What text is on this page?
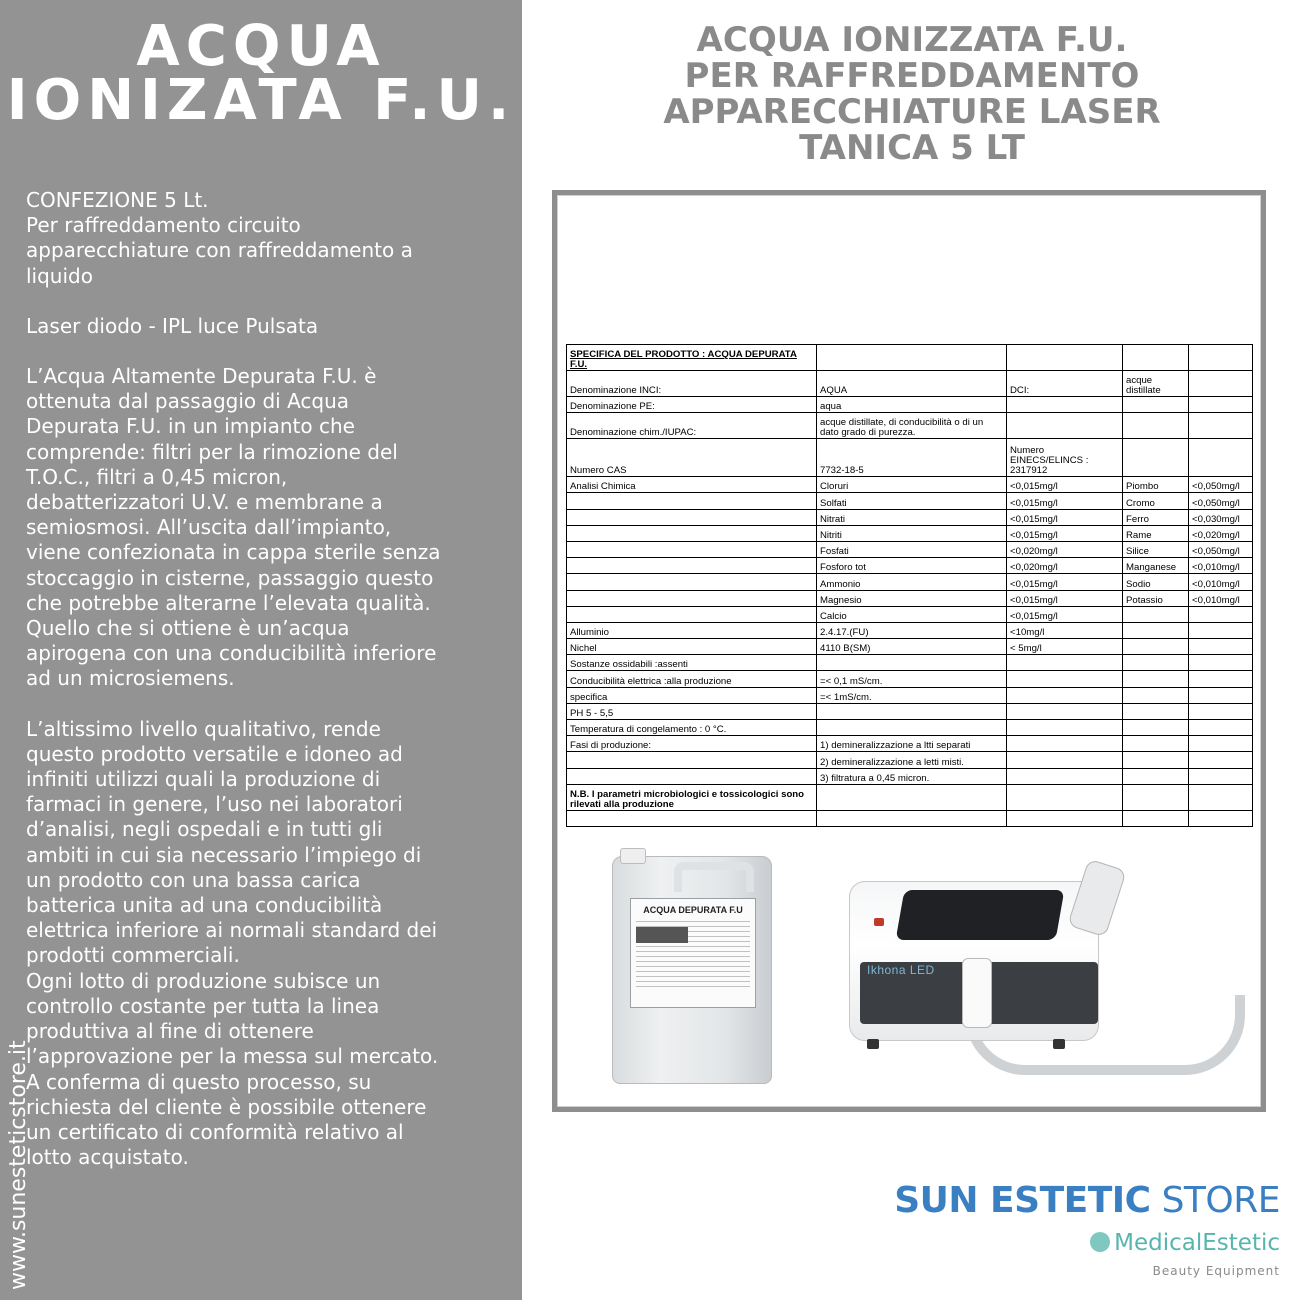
ACQUA
IONIZATA F.U.

CONFEZIONE 5 Lt.

Per raffreddamento circuito

apparecchiature con raffreddamento a

liquido

Laser diodo - IPL luce Pulsata

L’Acqua Altamente Depurata F.U. è

ottenuta dal passaggio di Acqua

Depurata F.U. in un impianto che

comprende: filtri per la rimozione del

T.O.C., filtri a 0,45 micron,

debatterizzatori U.V. e membrane a

semiosmosi. All’uscita dall’impianto,

viene confezionata in cappa sterile senza

stoccaggio in cisterne, passaggio questo

che potrebbe alterarne l’elevata qualità.

Quello che si ottiene è un’acqua

apirogena con una conducibilità inferiore

ad un microsiemens.

L’altissimo livello qualitativo, rende

questo prodotto versatile e idoneo ad

infiniti utilizzi quali la produzione di

farmaci in genere, l’uso nei laboratori

d’analisi, negli ospedali e in tutti gli

ambiti in cui sia necessario l’impiego di

un prodotto con una bassa carica

batterica unita ad una conducibilità

elettrica inferiore ai normali standard dei

prodotti commerciali.

Ogni lotto di produzione subisce un

controllo costante per tutta la linea

produttiva al fine di ottenere

l’approvazione per la messa sul mercato.

A conferma di questo processo, su

richiesta del cliente è possibile ottenere

un certificato di conformità relativo al

lotto acquistato.

www.sunesteticstore.it
ACQUA IONIZZATA F.U.
PER RAFFREDDAMENTO
APPARECCHIATURE LASER
TANICA 5 LT
SPECIFICA DEL PRODOTTO : ACQUA DEPURATA F.U.				
Denominazione INCI:	AQUA	DCI:	acque distillate	
Denominazione PE:	aqua			
Denominazione chim./IUPAC:	acque distillate, di conducibilità o di un dato grado di purezza.			
Numero CAS	7732-18-5	Numero EINECS/ELINCS : 2317912		
Analisi Chimica	Cloruri	<0,015mg/l	Piombo	<0,050mg/l
	Solfati	<0,015mg/l	Cromo	<0,050mg/l
	Nitrati	<0,015mg/l	Ferro	<0,030mg/l
	Nitriti	<0,015mg/l	Rame	<0,020mg/l
	Fosfati	<0,020mg/l	Silice	<0,050mg/l
	Fosforo tot	<0,020mg/l	Manganese	<0,010mg/l
	Ammonio	<0,015mg/l	Sodio	<0,010mg/l
	Magnesio	<0,015mg/l	Potassio	<0,010mg/l
	Calcio	<0,015mg/l		
Alluminio	2.4.17.(FU)	<10mg/l		
Nichel	4110 B(SM)	< 5mg/l		
Sostanze ossidabili :assenti				
Conducibilità elettrica :alla produzione	=< 0,1 mS/cm.			
specifica	=< 1mS/cm.			
PH 5 - 5,5				
Temperatura di congelamento : 0 °C.				
Fasi di produzione:	1) demineralizzazione a ltti separati			
	2) demineralizzazione a letti misti.			
	3) filtratura a 0,45 micron.			
N.B. I parametri microbiologici e tossicologici sono rilevati alla produzione				

ACQUA DEPURATA F.U
Ikhona LED
SUN ESTETIC STORE
MedicalEstetic
Beauty Equipment
